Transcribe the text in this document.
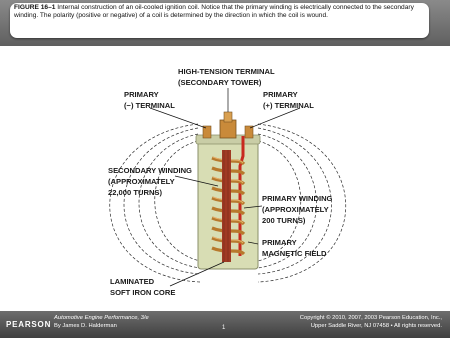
FIGURE 16–1 Internal construction of an oil-cooled ignition coil. Notice that the primary winding is electrically connected to the secondary winding. The polarity (positive or negative) of a coil is determined by the direction in which the coil is wound.
HIGH-TENSION TERMINAL
(SECONDARY TOWER)
PRIMARY
(−) TERMINAL
PRIMARY
(+) TERMINAL
SECONDARY WINDING
(APPROXIMATELY
22,000 TURNS)
PRIMARY WINDING
(APPROXIMATELY
200 TURNS)
PRIMARY
MAGNETIC FIELD
LAMINATED
SOFT IRON CORE
PEARSON
Automotive Engine Performance, 3/e
By James D. Halderman	1
Copyright © 2010, 2007, 2003 Pearson Education, Inc.,
Upper Saddle River, NJ 07458 • All rights reserved.
